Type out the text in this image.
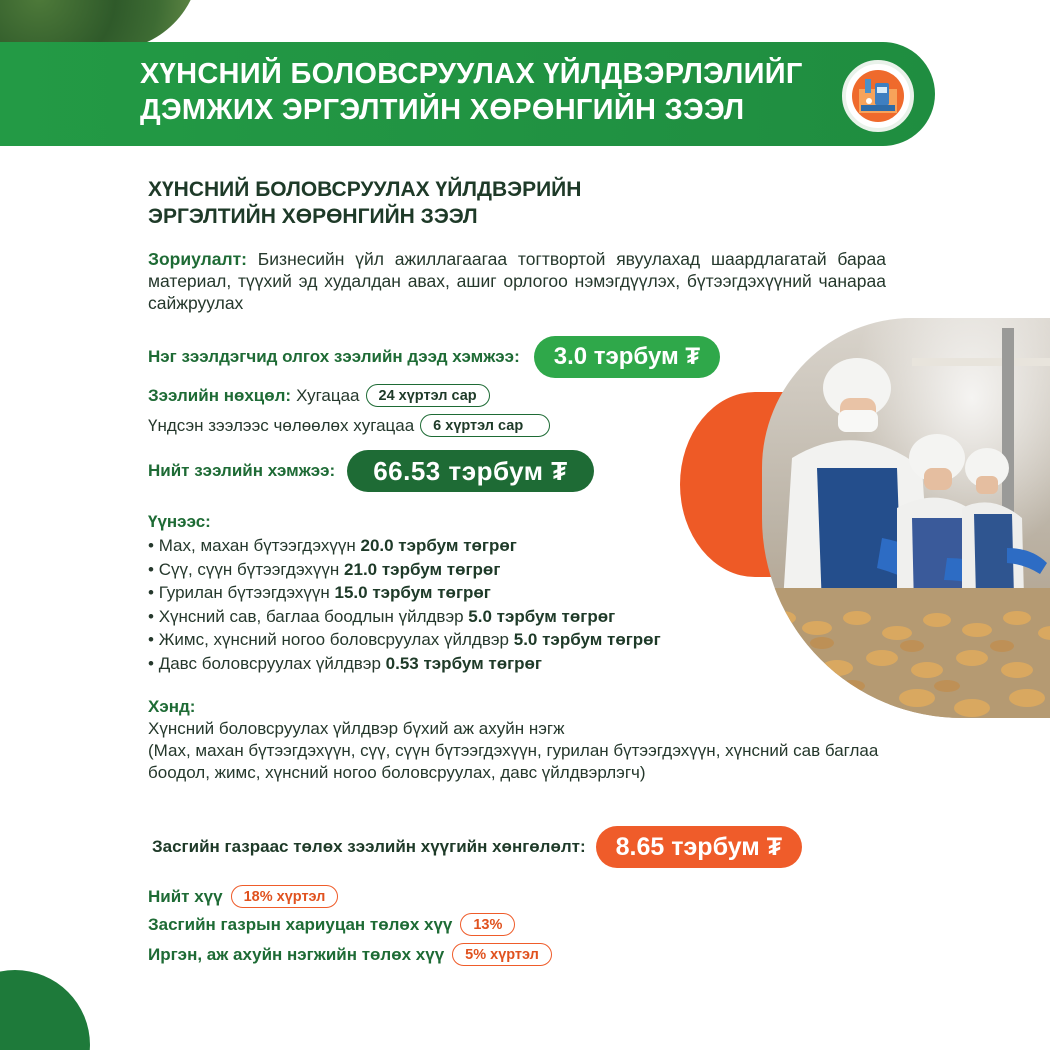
ХҮНСНИЙ БОЛОВСРУУЛАХ ҮЙЛДВЭРЛЭЛИЙГ
ДЭМЖИХ ЭРГЭЛТИЙН ХӨРӨНГИЙН ЗЭЭЛ
ХҮНСНИЙ БОЛОВСРУУЛАХ ҮЙЛДВЭРИЙН
ЭРГЭЛТИЙН ХӨРӨНГИЙН ЗЭЭЛ
Зориулалт: Бизнесийн үйл ажиллагаагаа тогтвортой явуулахад шаардлагатай бараа материал, түүхий эд худалдан авах, ашиг орлогоо нэмэгдүүлэх, бүтээгдэхүүний чанараа сайжруулах
Нэг зээлдэгчид олгох зээлийн дээд хэмжээ:	3.0 тэрбум ₮
Зээлийн нөхцөл: Хугацаа	24 хүртэл сар
Үндсэн зээлээс чөлөөлөх хугацаа	6 хүртэл сар
Нийт зээлийн хэмжээ:	66.53 тэрбум ₮
Үүнээс:
• Мах, махан бүтээгдэхүүн 20.0 тэрбум төгрөг
• Сүү, сүүн бүтээгдэхүүн 21.0 тэрбум төгрөг
• Гурилан бүтээгдэхүүн 15.0 тэрбум төгрөг
• Хүнсний сав, баглаа боодлын үйлдвэр 5.0 тэрбум төгрөг
• Жимс, хүнсний ногоо боловсруулах үйлдвэр 5.0 тэрбум төгрөг
• Давс боловсруулах үйлдвэр 0.53 тэрбум төгрөг
Хэнд:
Хүнсний боловсруулах үйлдвэр бүхий аж ахуйн нэгж
(Мах, махан бүтээгдэхүүн, сүү, сүүн бүтээгдэхүүн, гурилан бүтээгдэхүүн, хүнсний сав баглаа боодол, жимс, хүнсний ногоо боловсруулах, давс үйлдвэрлэгч)
Засгийн газраас төлөх зээлийн хүүгийн хөнгөлөлт:	8.65 тэрбум ₮
Нийт хүү	18% хүртэл
Засгийн газрын хариуцан төлөх хүү	13%
Иргэн, аж ахуйн нэгжийн төлөх хүү	5% хүртэл
